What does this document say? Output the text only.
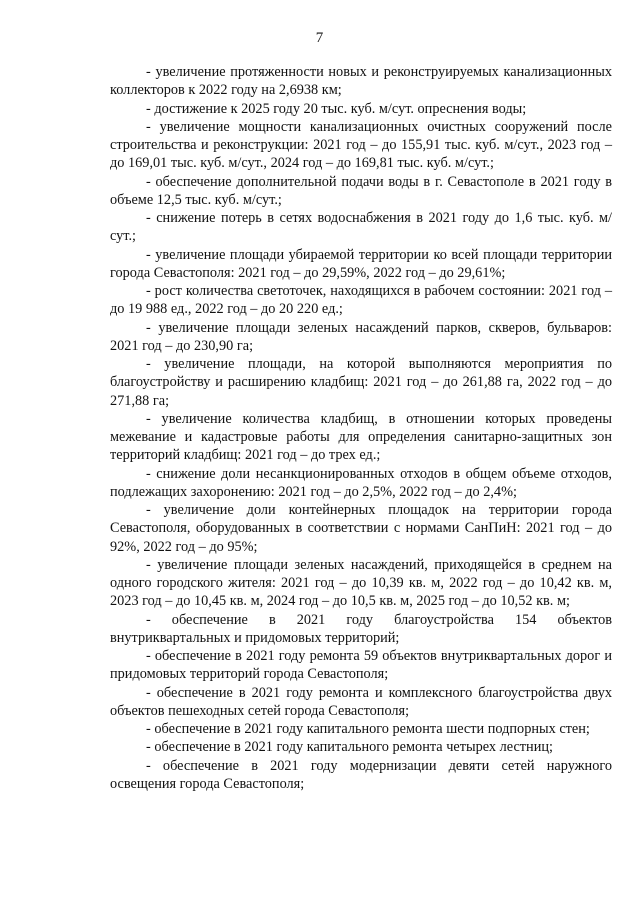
7

- увеличение протяженности новых и реконструируемых канализационных коллекторов к 2022 году на 2,6938 км;

- достижение к 2025 году 20 тыс. куб. м/сут. опреснения воды;

- увеличение мощности канализационных очистных сооружений после строительства и реконструкции: 2021 год – до 155,91 тыс. куб. м/сут., 2023 год – до 169,01 тыс. куб. м/сут., 2024 год – до 169,81 тыс. куб. м/сут.;

- обеспечение дополнительной подачи воды в г. Севастополе в 2021 году в объеме 12,5 тыс. куб. м/сут.;

- снижение потерь в сетях водоснабжения в 2021 году до 1,6 тыс. куб. м/сут.;

- увеличение площади убираемой территории ко всей площади территории города Севастополя: 2021 год – до 29,59%, 2022 год – до 29,61%;

- рост количества светоточек, находящихся в рабочем состоянии: 2021 год – до 19 988 ед., 2022 год – до 20 220 ед.;

- увеличение площади зеленых насаждений парков, скверов, бульваров: 2021 год – до 230,90 га;

- увеличение площади, на которой выполняются мероприятия по благоустройству и расширению кладбищ: 2021 год – до 261,88 га, 2022 год – до 271,88 га;

- увеличение количества кладбищ, в отношении которых проведены межевание и кадастровые работы для определения санитарно-защитных зон территорий кладбищ: 2021 год – до трех ед.;

- снижение доли несанкционированных отходов в общем объеме отходов, подлежащих захоронению: 2021 год – до 2,5%, 2022 год – до 2,4%;

- увеличение доли контейнерных площадок на территории города Севастополя, оборудованных в соответствии с нормами СанПиН: 2021 год – до 92%, 2022 год – до 95%;

- увеличение площади зеленых насаждений, приходящейся в среднем на одного городского жителя: 2021 год – до 10,39 кв. м, 2022 год – до 10,42 кв. м, 2023 год – до 10,45 кв. м, 2024 год – до 10,5 кв. м, 2025 год – до 10,52 кв. м;

- обеспечение в 2021 году благоустройства 154 объектов внутриквартальных и придомовых территорий;

- обеспечение в 2021 году ремонта 59 объектов внутриквартальных дорог и придомовых территорий города Севастополя;

- обеспечение в 2021 году ремонта и комплексного благоустройства двух объектов пешеходных сетей города Севастополя;

- обеспечение в 2021 году капитального ремонта шести подпорных стен;

- обеспечение в 2021 году капитального ремонта четырех лестниц;

- обеспечение в 2021 году модернизации девяти сетей наружного освещения города Севастополя;
